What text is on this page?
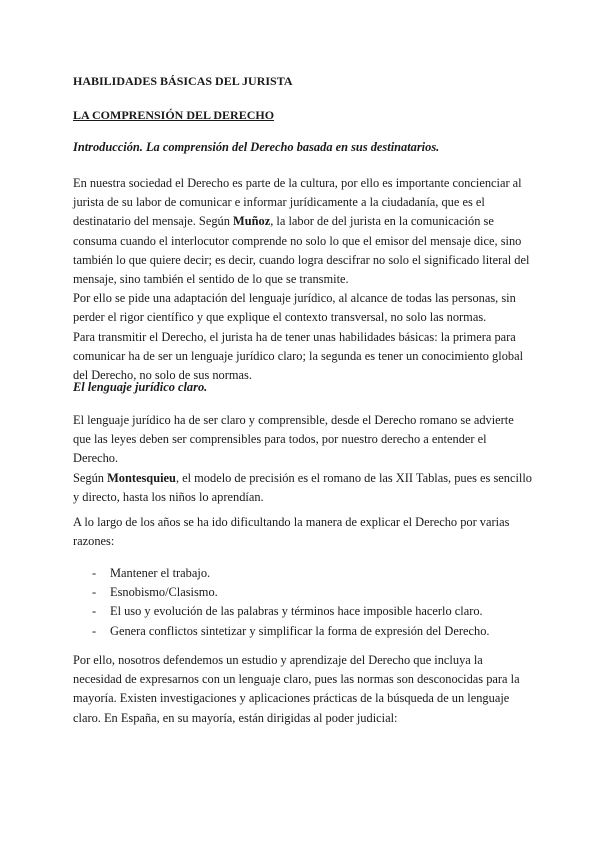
HABILIDADES BÁSICAS DEL JURISTA

LA COMPRENSIÓN DEL DERECHO

Introducción. La comprensión del Derecho basada en sus destinatarios.

En nuestra sociedad el Derecho es parte de la cultura, por ello es importante concienciar al jurista de su labor de comunicar e informar jurídicamente a la ciudadanía, que es el destinatario del mensaje. Según Muñoz, la labor de del jurista en la comunicación se consuma cuando el interlocutor comprende no solo lo que el emisor del mensaje dice, sino también lo que quiere decir; es decir, cuando logra descifrar no solo el significado literal del mensaje, sino también el sentido de lo que se transmite.
Por ello se pide una adaptación del lenguaje jurídico, al alcance de todas las personas, sin perder el rigor científico y que explique el contexto transversal, no solo las normas.
Para transmitir el Derecho, el jurista ha de tener unas habilidades básicas: la primera para comunicar ha de ser un lenguaje jurídico claro; la segunda es tener un conocimiento global del Derecho, no solo de sus normas.

El lenguaje jurídico claro.

El lenguaje jurídico ha de ser claro y comprensible, desde el Derecho romano se advierte que las leyes deben ser comprensibles para todos, por nuestro derecho a entender el Derecho.
Según Montesquieu, el modelo de precisión es el romano de las XII Tablas, pues es sencillo y directo, hasta los niños lo aprendían.

A lo largo de los años se ha ido dificultando la manera de explicar el Derecho por varias razones:

- Mantener el trabajo.
- Esnobismo/Clasismo.
- El uso y evolución de las palabras y términos hace imposible hacerlo claro.
- Genera conflictos sintetizar y simplificar la forma de expresión del Derecho.

Por ello, nosotros defendemos un estudio y aprendizaje del Derecho que incluya la necesidad de expresarnos con un lenguaje claro, pues las normas son desconocidas para la mayoría. Existen investigaciones y aplicaciones prácticas de la búsqueda de un lenguaje claro. En España, en su mayoría, están dirigidas al poder judicial:
